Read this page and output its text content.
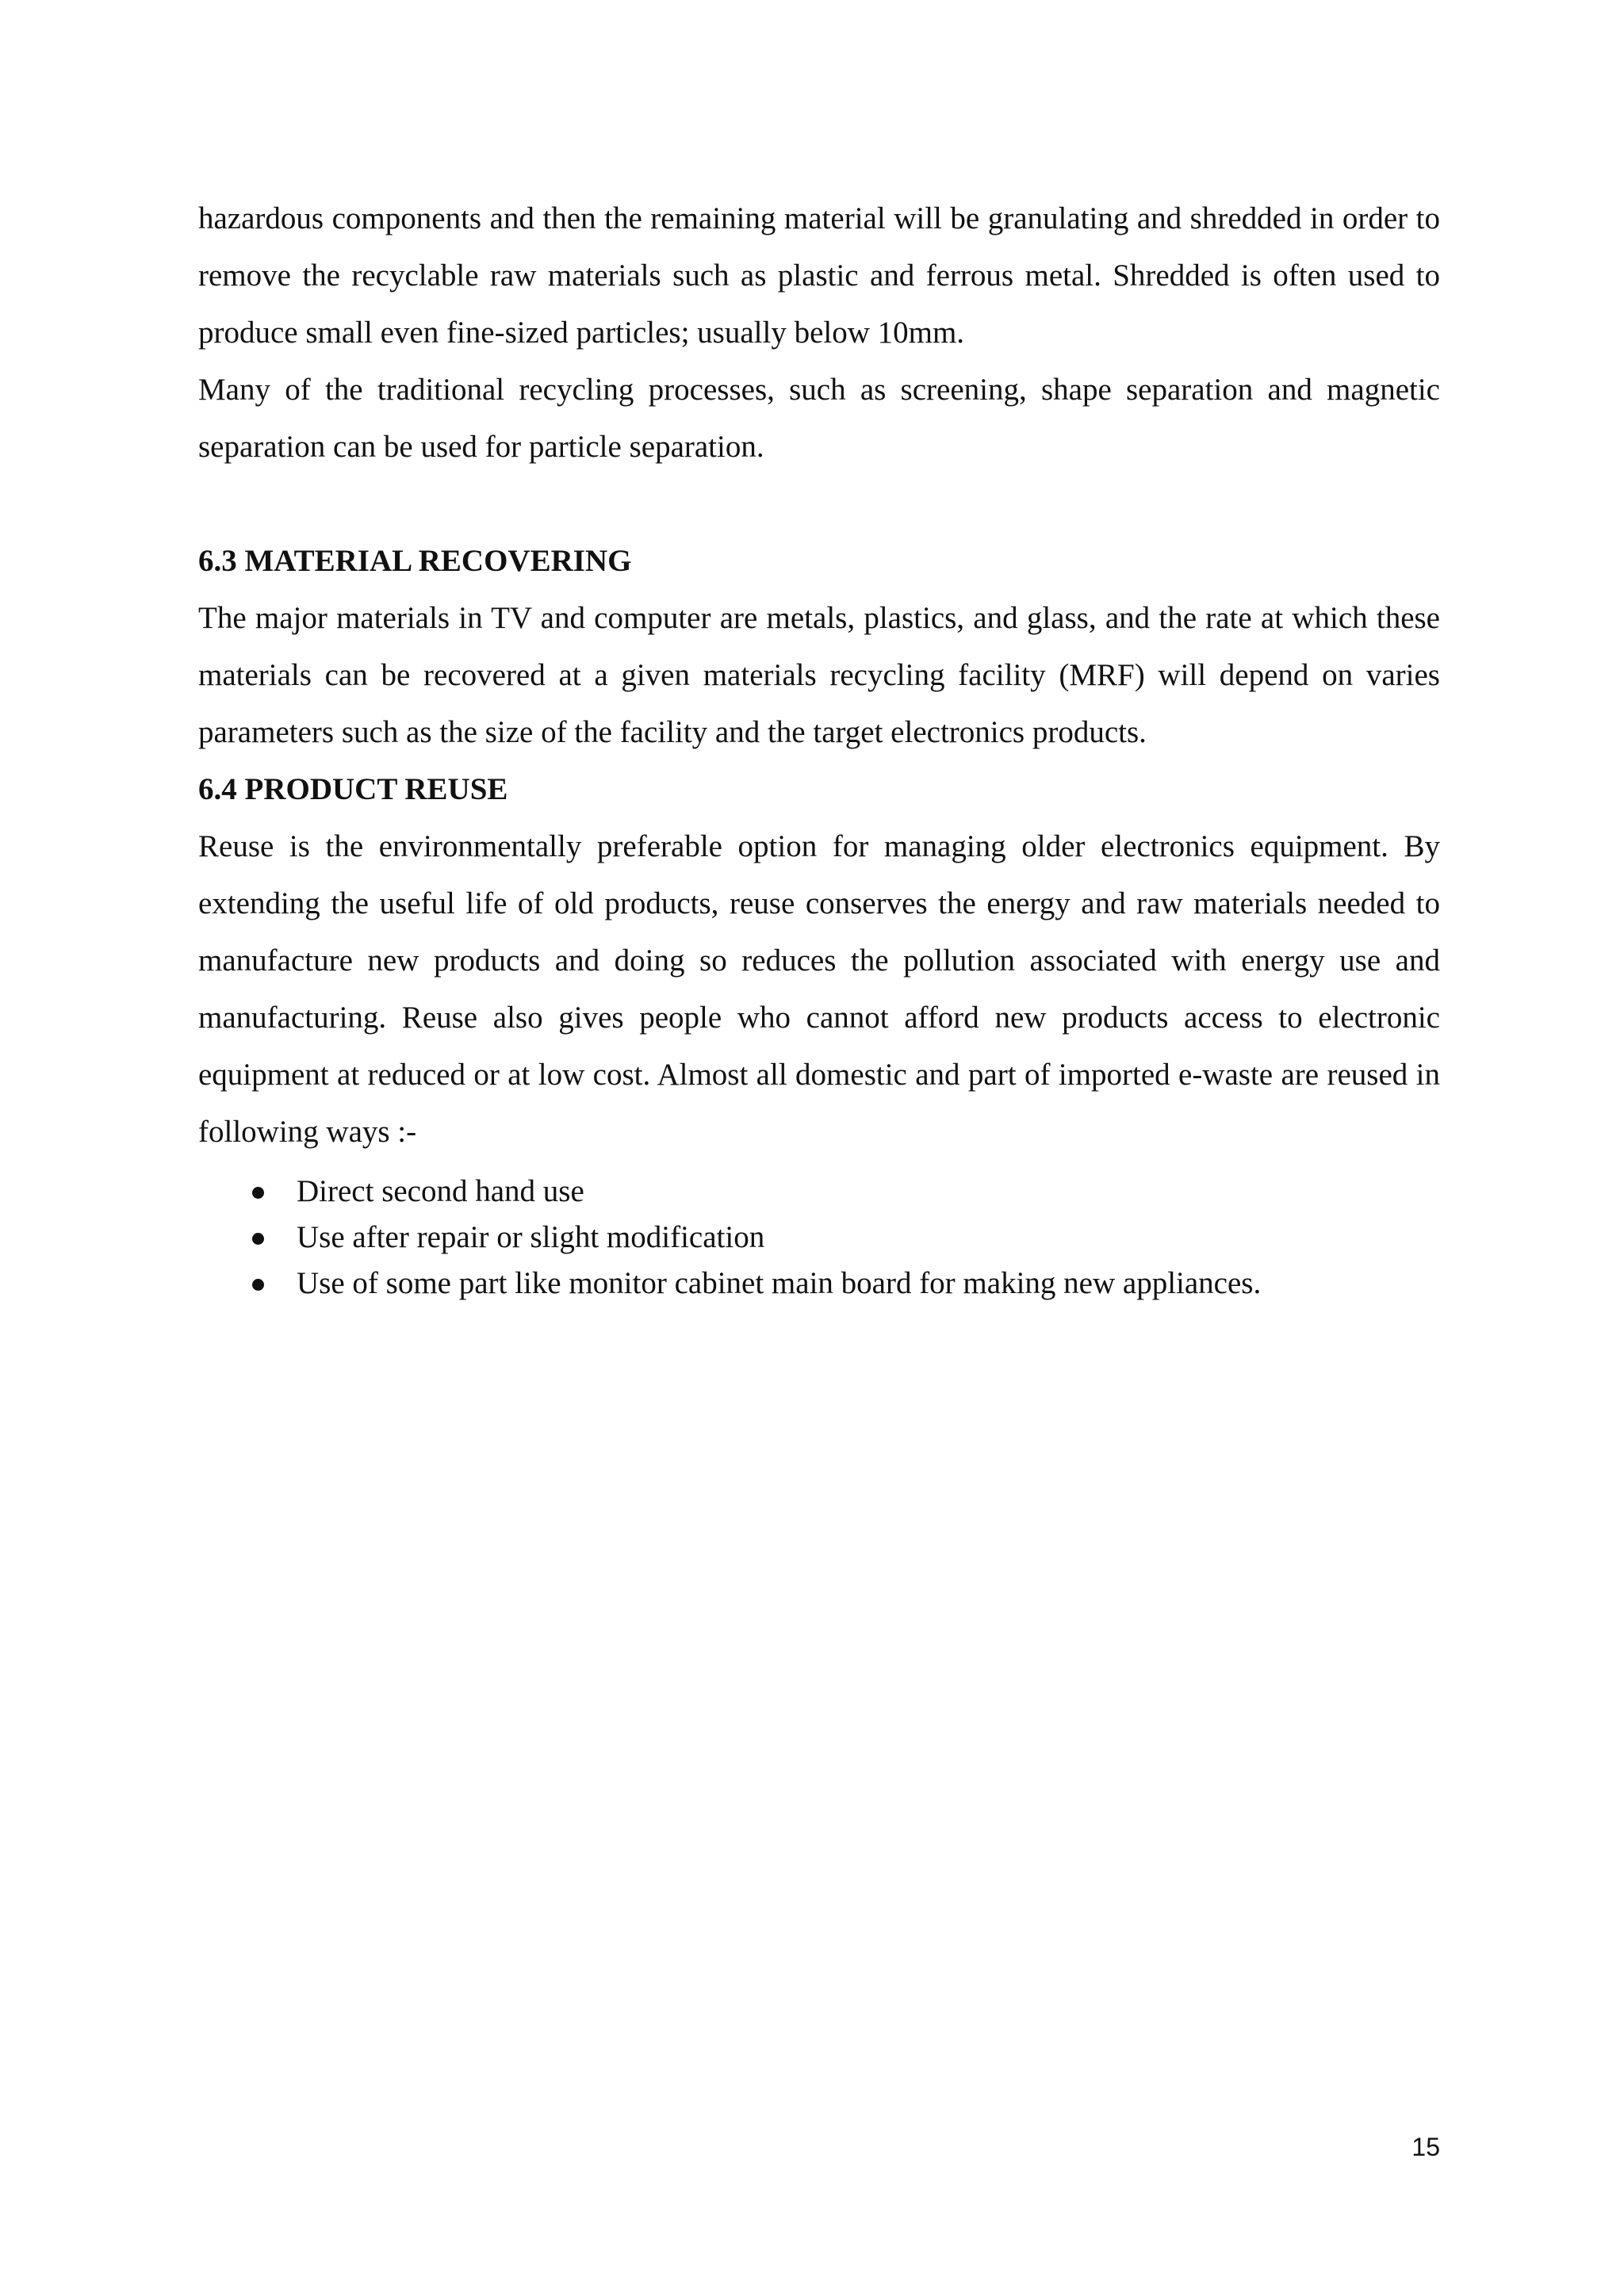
hazardous components and then the remaining material will be granulating and shredded in order to remove the recyclable raw materials such as plastic and ferrous metal. Shredded is often used to produce small even fine-sized particles; usually below 10mm.

Many of the traditional recycling processes, such as screening, shape separation and magnetic separation can be used for particle separation.

6.3 MATERIAL RECOVERING

The major materials in TV and computer are metals, plastics, and glass, and the rate at which these materials can be recovered at a given materials recycling facility (MRF) will depend on varies parameters such as the size of the facility and the target electronics products.

6.4 PRODUCT REUSE

Reuse is the environmentally preferable option for managing older electronics equipment. By extending the useful life of old products, reuse conserves the energy and raw materials needed to manufacture new products and doing so reduces the pollution associated with energy use and manufacturing. Reuse also gives people who cannot afford new products access to electronic equipment at reduced or at low cost. Almost all domestic and part of imported e-waste are reused in following ways :-

Direct second hand use
Use after repair or slight modification
Use of some part like monitor cabinet main board for making new appliances.
15
